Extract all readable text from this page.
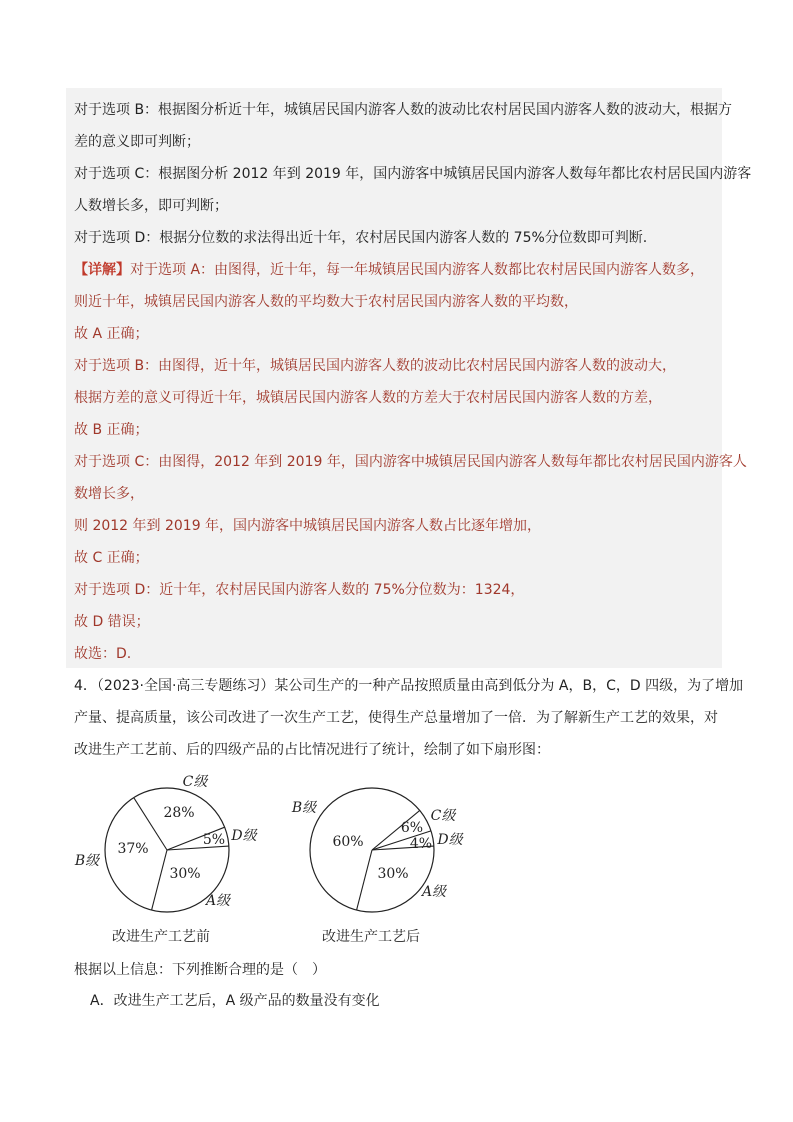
对于选项 B：根据图分析近十年，城镇居民国内游客人数的波动比农村居民国内游客人数的波动大，根据方
差的意义即可判断；
对于选项 C：根据图分析 2012 年到 2019 年，国内游客中城镇居民国内游客人数每年都比农村居民国内游客
人数增长多，即可判断；
对于选项 D：根据分位数的求法得出近十年，农村居民国内游客人数的 75%分位数即可判断.
【详解】对于选项 A：由图得，近十年，每一年城镇居民国内游客人数都比农村居民国内游客人数多，
则近十年，城镇居民国内游客人数的平均数大于农村居民国内游客人数的平均数，
故 A 正确；
对于选项 B：由图得，近十年，城镇居民国内游客人数的波动比农村居民国内游客人数的波动大，
根据方差的意义可得近十年，城镇居民国内游客人数的方差大于农村居民国内游客人数的方差，
故 B 正确；
对于选项 C：由图得，2012 年到 2019 年，国内游客中城镇居民国内游客人数每年都比农村居民国内游客人
数增长多，
则 2012 年到 2019 年，国内游客中城镇居民国内游客人数占比逐年增加，
故 C 正确；
对于选项 D：近十年，农村居民国内游客人数的 75%分位数为：1324，
故 D 错误；
故选：D.
4．（2023·全国·高三专题练习）某公司生产的一种产品按照质量由高到低分为 A，B，C，D 四级，为了增加
产量、提高质量，该公司改进了一次生产工艺，使得生产总量增加了一倍．为了解新生产工艺的效果，对
改进生产工艺前、后的四级产品的占比情况进行了统计，绘制了如下扇形图：
30%
A级
37%
B级
28%
C级
5% D级
30%
A级
60%
B级
6%
C级
4% D级
改进生产工艺前	改进生产工艺后
根据以上信息：下列推断合理的是（　）
A．改进生产工艺后，A 级产品的数量没有变化
